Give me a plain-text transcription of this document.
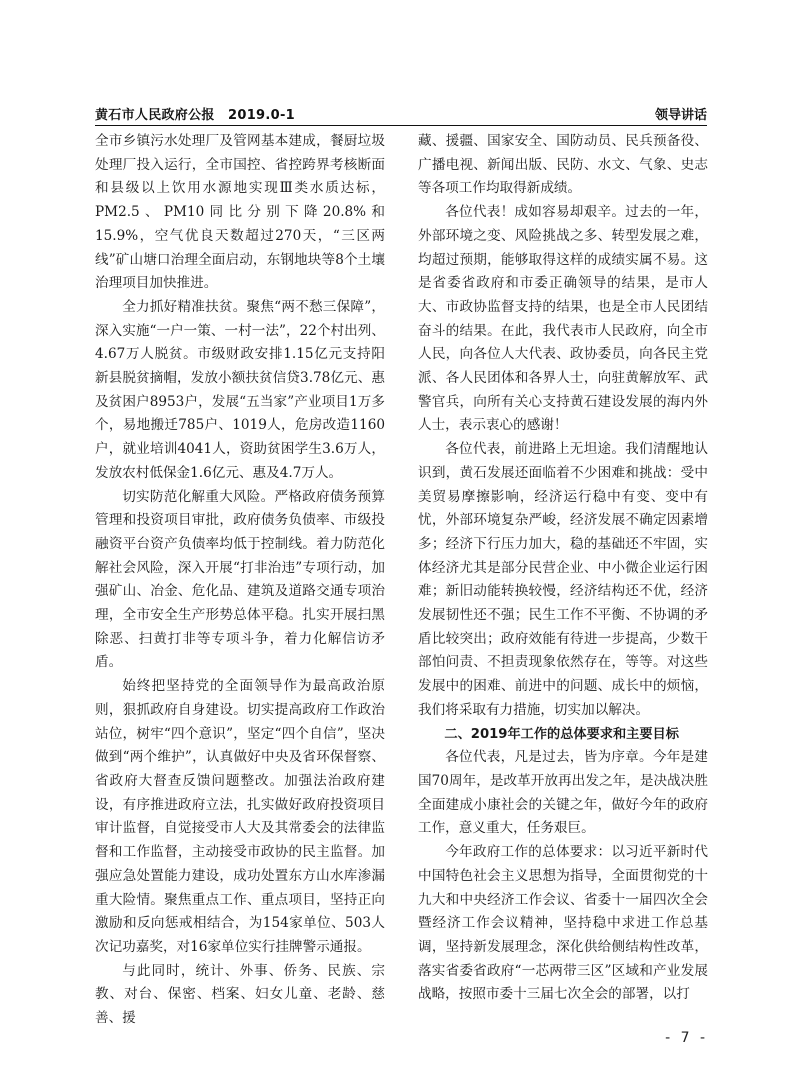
黄石市人民政府公报　2019.0-1	领导讲话

全市乡镇污水处理厂及管网基本建成，餐厨垃圾处理厂投入运行，全市国控、省控跨界考核断面和县级以上饮用水源地实现Ⅲ类水质达标，PM2.5、PM10同比分别下降20.8%和15.9%，空气优良天数超过270天，“三区两线”矿山塘口治理全面启动，东钢地块等8个土壤治理项目加快推进。

全力抓好精准扶贫。聚焦“两不愁三保障”，深入实施“一户一策、一村一法”，22个村出列、4.67万人脱贫。市级财政安排1.15亿元支持阳新县脱贫摘帽，发放小额扶贫信贷3.78亿元、惠及贫困户8953户，发展“五当家”产业项目1万多个，易地搬迁785户、1019人，危房改造1160户，就业培训4041人，资助贫困学生3.6万人，发放农村低保金1.6亿元、惠及4.7万人。

切实防范化解重大风险。严格政府债务预算管理和投资项目审批，政府债务负债率、市级投融资平台资产负债率均低于控制线。着力防范化解社会风险，深入开展“打非治违”专项行动，加强矿山、冶金、危化品、建筑及道路交通专项治理，全市安全生产形势总体平稳。扎实开展扫黑除恶、扫黄打非等专项斗争，着力化解信访矛盾。

始终把坚持党的全面领导作为最高政治原则，狠抓政府自身建设。切实提高政府工作政治站位，树牢“四个意识”，坚定“四个自信”，坚决做到“两个维护”，认真做好中央及省环保督察、省政府大督查反馈问题整改。加强法治政府建设，有序推进政府立法，扎实做好政府投资项目审计监督，自觉接受市人大及其常委会的法律监督和工作监督，主动接受市政协的民主监督。加强应急处置能力建设，成功处置东方山水库渗漏重大险情。聚焦重点工作、重点项目，坚持正向激励和反向惩戒相结合，为154家单位、503人次记功嘉奖，对16家单位实行挂牌警示通报。

与此同时，统计、外事、侨务、民族、宗教、对台、保密、档案、妇女儿童、老龄、慈善、援

藏、援疆、国家安全、国防动员、民兵预备役、广播电视、新闻出版、民防、水文、气象、史志等各项工作均取得新成绩。

各位代表！成如容易却艰辛。过去的一年，外部环境之变、风险挑战之多、转型发展之难，均超过预期，能够取得这样的成绩实属不易。这是省委省政府和市委正确领导的结果，是市人大、市政协监督支持的结果，也是全市人民团结奋斗的结果。在此，我代表市人民政府，向全市人民，向各位人大代表、政协委员，向各民主党派、各人民团体和各界人士，向驻黄解放军、武警官兵，向所有关心支持黄石建设发展的海内外人士，表示衷心的感谢！

各位代表，前进路上无坦途。我们清醒地认识到，黄石发展还面临着不少困难和挑战：受中美贸易摩擦影响，经济运行稳中有变、变中有忧，外部环境复杂严峻，经济发展不确定因素增多；经济下行压力加大，稳的基础还不牢固，实体经济尤其是部分民营企业、中小微企业运行困难；新旧动能转换较慢，经济结构还不优，经济发展韧性还不强；民生工作不平衡、不协调的矛盾比较突出；政府效能有待进一步提高，少数干部怕问责、不担责现象依然存在，等等。对这些发展中的困难、前进中的问题、成长中的烦恼，我们将采取有力措施，切实加以解决。

二、2019年工作的总体要求和主要目标

各位代表，凡是过去，皆为序章。今年是建国70周年，是改革开放再出发之年，是决战决胜全面建成小康社会的关键之年，做好今年的政府工作，意义重大，任务艰巨。

今年政府工作的总体要求：以习近平新时代中国特色社会主义思想为指导，全面贯彻党的十九大和中央经济工作会议、省委十一届四次全会暨经济工作会议精神，坚持稳中求进工作总基调，坚持新发展理念，深化供给侧结构性改革，落实省委省政府“一芯两带三区”区域和产业发展战略，按照市委十三届七次全会的部署，以打

- 7 -
